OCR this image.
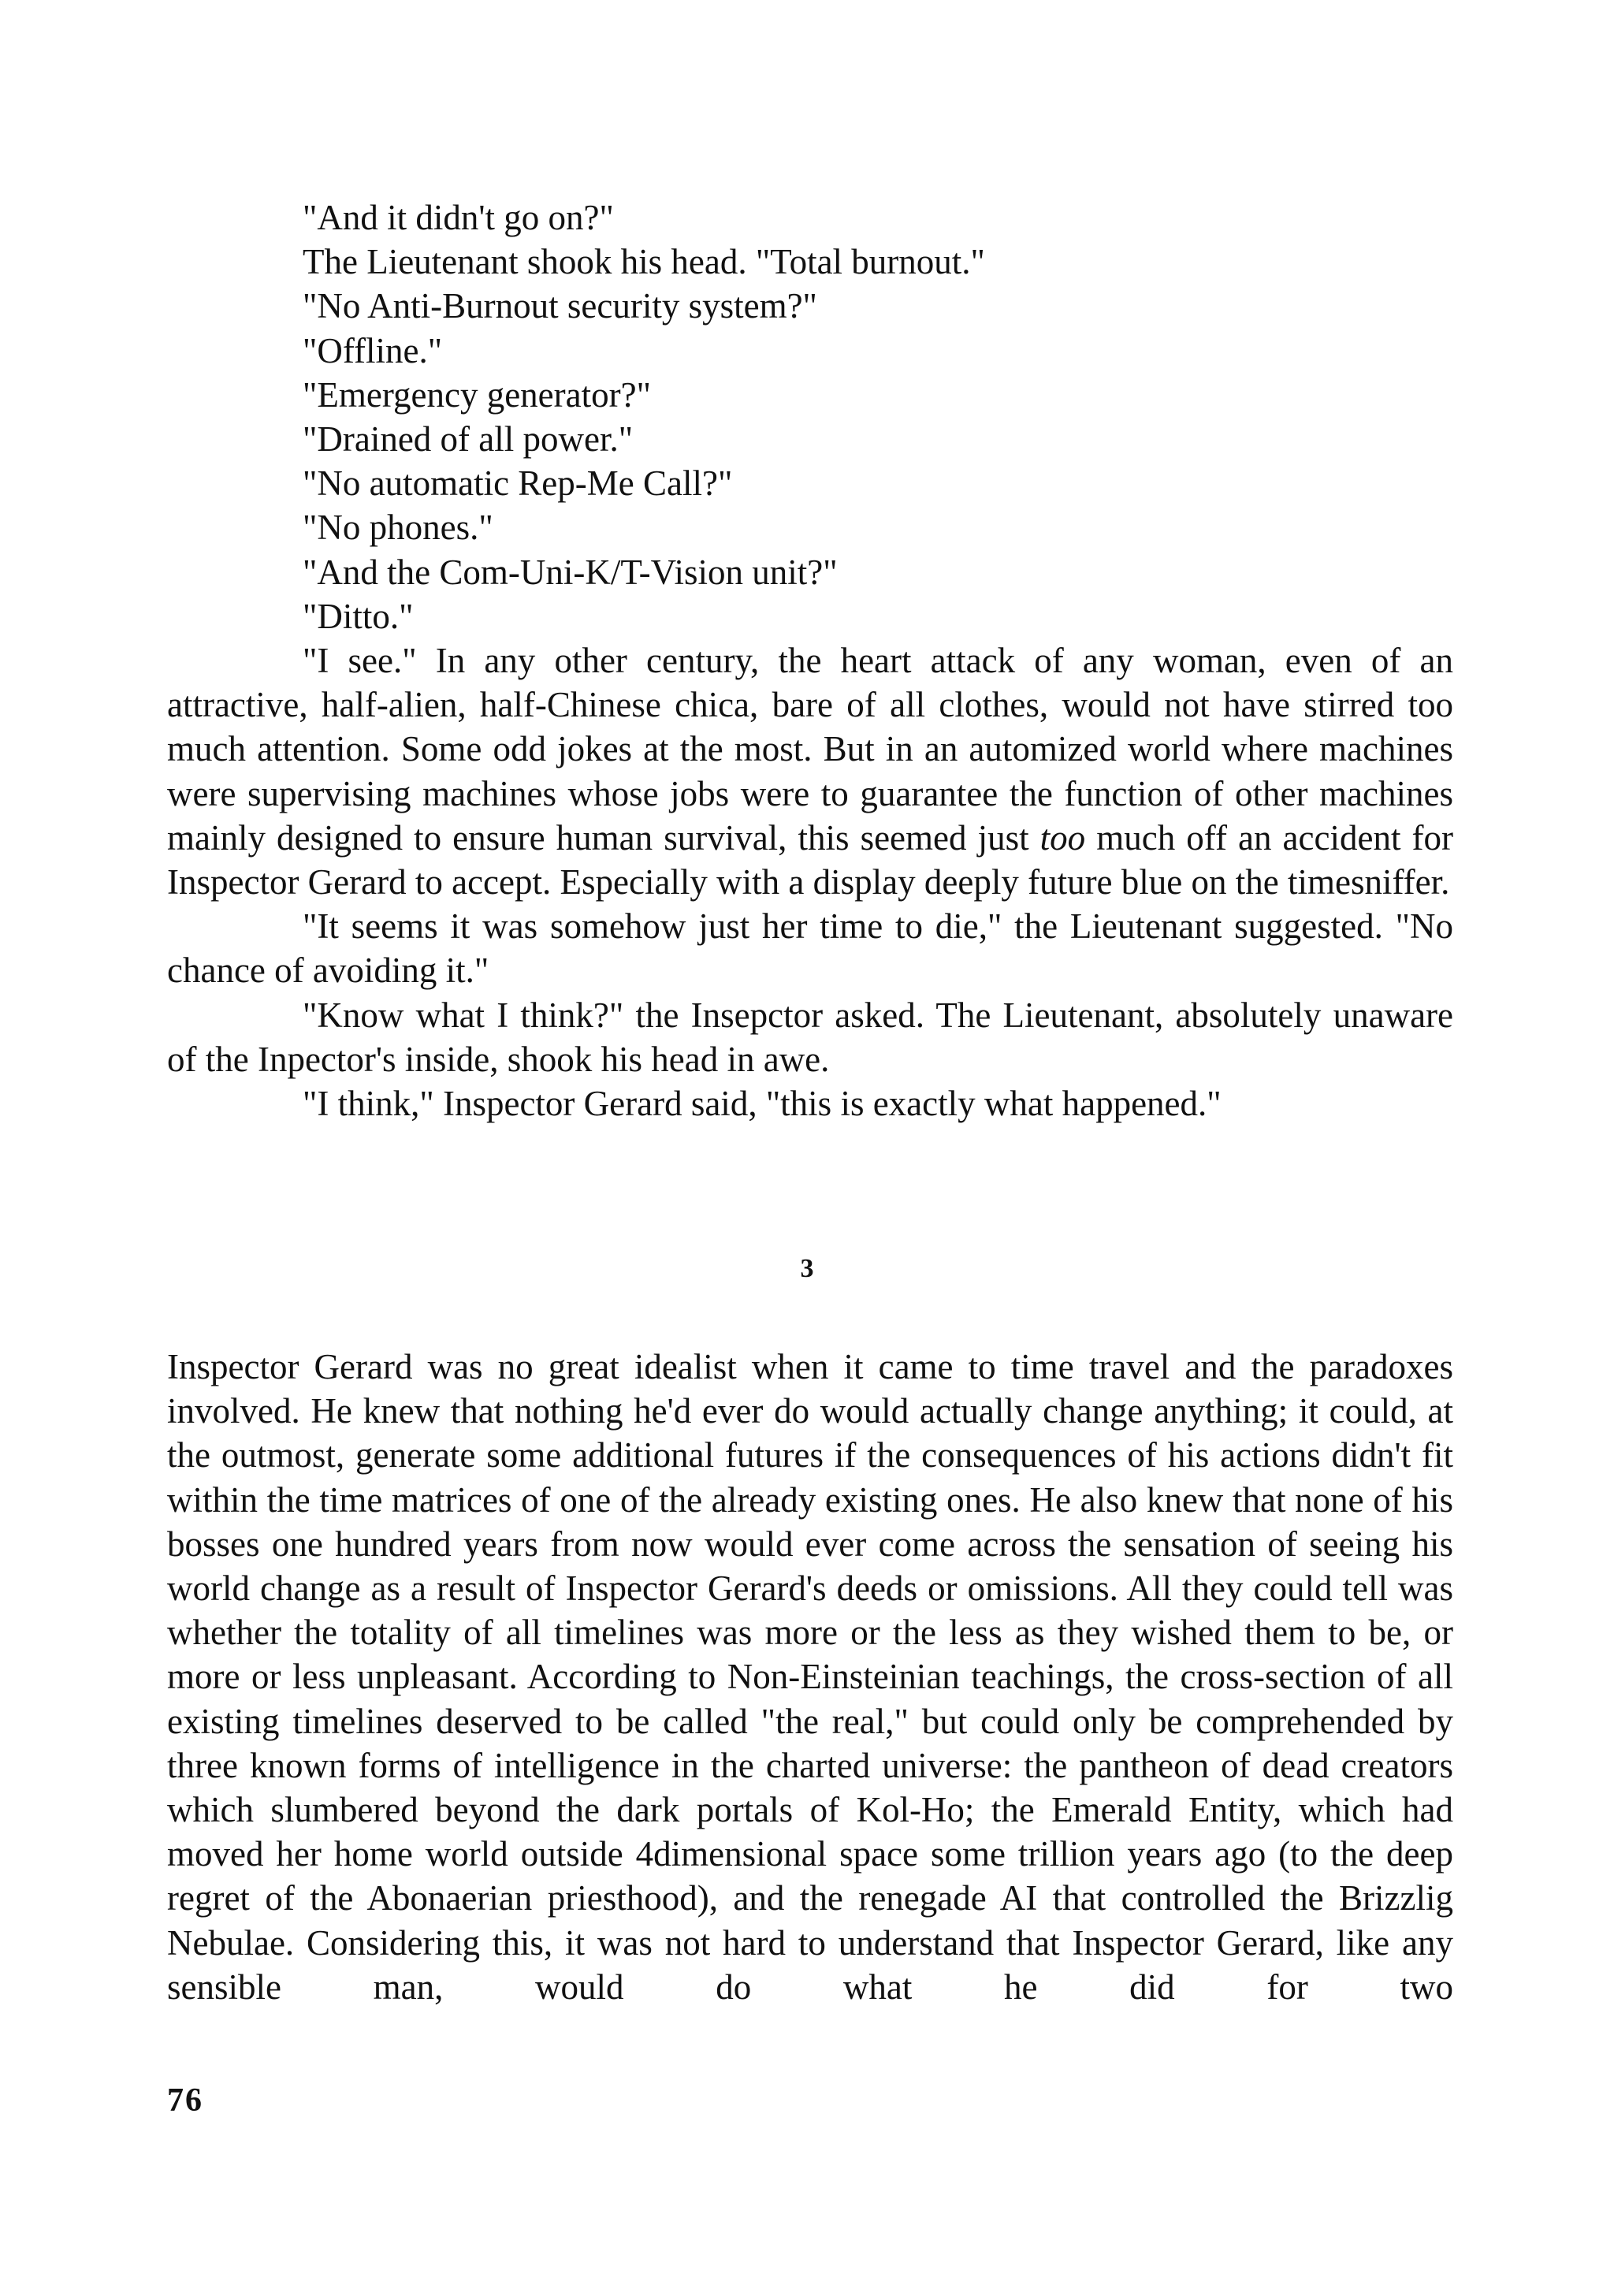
"And it didn't go on?"

The Lieutenant shook his head. "Total burnout."

"No Anti-Burnout security system?"

"Offline."

"Emergency generator?"

"Drained of all power."

"No automatic Rep-Me Call?"

"No phones."

"And the Com-Uni-K/T-Vision unit?"

"Ditto."

"I see." In any other century, the heart attack of any woman, even of an attractive, half-alien, half-Chinese chica, bare of all clothes, would not have stirred too much attention. Some odd jokes at the most. But in an automized world where machines were supervising machines whose jobs were to guarantee the function of other machines mainly designed to ensure human survival, this seemed just too much off an accident for Inspector Gerard to accept. Especially with a display deeply future blue on the timesniffer.

"It seems it was somehow just her time to die," the Lieutenant suggested. "No chance of avoiding it."

"Know what I think?" the Insepctor asked. The Lieutenant, absolutely unaware of the Inpector's inside, shook his head in awe.

"I think," Inspector Gerard said, "this is exactly what happened."

3

Inspector Gerard was no great idealist when it came to time travel and the paradoxes involved. He knew that nothing he'd ever do would actually change anything; it could, at the outmost, generate some additional futures if the consequences of his actions didn't fit within the time matrices of one of the already existing ones. He also knew that none of his bosses one hundred years from now would ever come across the sensation of seeing his world change as a result of Inspector Gerard's deeds or omissions. All they could tell was whether the totality of all timelines was more or the less as they wished them to be, or more or less unpleasant. According to Non-Einsteinian teachings, the cross-section of all existing timelines deserved to be called "the real," but could only be comprehended by three known forms of intelligence in the charted universe: the pantheon of dead creators which slumbered beyond the dark portals of Kol-Ho; the Emerald Entity, which had moved her home world outside 4dimensional space some trillion years ago (to the deep regret of the Abonaerian priesthood), and the renegade AI that controlled the Brizzlig Nebulae. Considering this, it was not hard to understand that Inspector Gerard, like any sensible man, would do what he did for two

76
